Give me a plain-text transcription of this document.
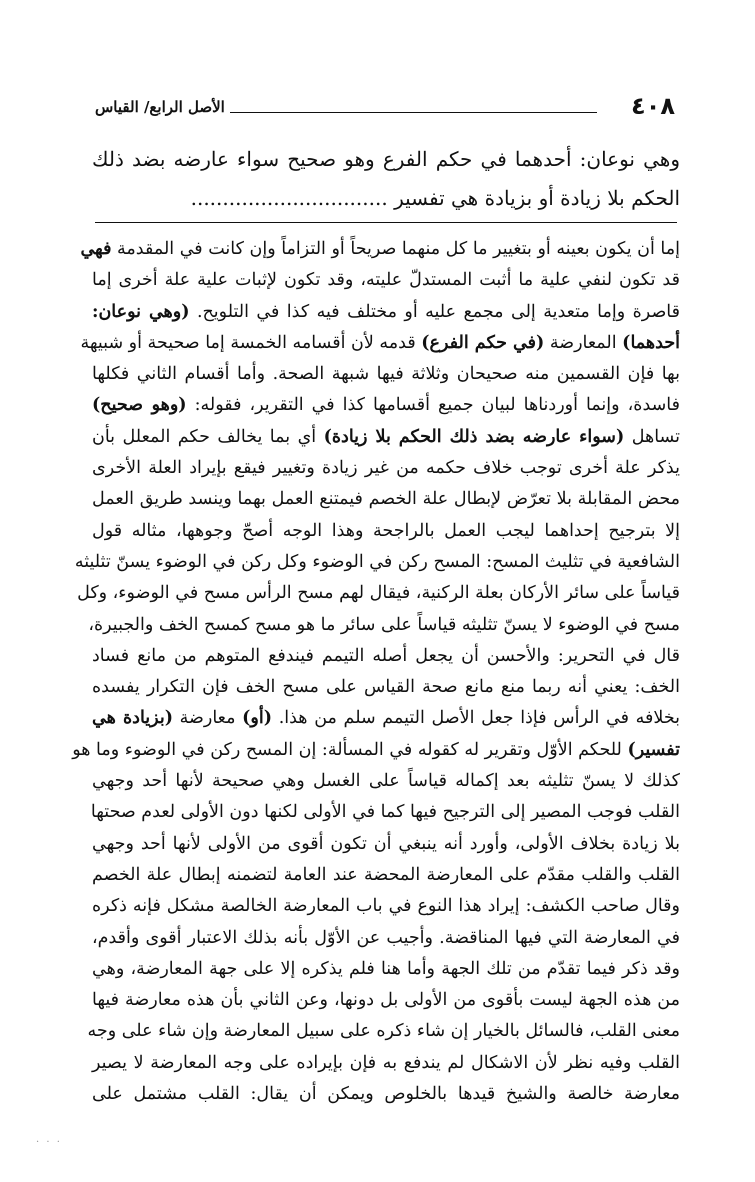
٤٠٨
الأصل الرابع/ القياس
وهي نوعان: أحدهما في حكم الفرع وهو صحيح سواء عارضه بضد ذلك
الحكم بلا زيادة أو بزيادة هي تفسير ...............................
إما أن يكون بعينه أو بتغيير ما كل منهما صريحاً أو التزاماً وإن كانت في المقدمة فهي
قد تكون لنفي علية ما أثبت المستدلّ عليته، وقد تكون لإثبات علية علة أخرى إما
قاصرة وإما متعدية إلى مجمع عليه أو مختلف فيه كذا في التلويح. (وهي نوعان:
أحدهما) المعارضة (في حكم الفرع) قدمه لأن أقسامه الخمسة إما صحيحة أو شبيهة
بها فإن القسمين منه صحيحان وثلاثة فيها شبهة الصحة. وأما أقسام الثاني فكلها
فاسدة، وإنما أوردناها لبيان جميع أقسامها كذا في التقرير، فقوله: (وهو صحيح)
تساهل (سواء عارضه بضد ذلك الحكم بلا زيادة) أي بما يخالف حكم المعلل بأن
يذكر علة أخرى توجب خلاف حكمه من غير زيادة وتغيير فيقع بإيراد العلة الأخرى
محض المقابلة بلا تعرّض لإبطال علة الخصم فيمتنع العمل بهما وينسد طريق العمل
إلا بترجيح إحداهما ليجب العمل بالراجحة وهذا الوجه أصحّ وجوهها، مثاله قول
الشافعية في تثليث المسح: المسح ركن في الوضوء وكل ركن في الوضوء يسنّ تثليثه
قياساً على سائر الأركان بعلة الركنية، فيقال لهم مسح الرأس مسح في الوضوء، وكل
مسح في الوضوء لا يسنّ تثليثه قياساً على سائر ما هو مسح كمسح الخف والجبيرة،
قال في التحرير: والأحسن أن يجعل أصله التيمم فيندفع المتوهم من مانع فساد
الخف: يعني أنه ربما منع مانع صحة القياس على مسح الخف فإن التكرار يفسده
بخلافه في الرأس فإذا جعل الأصل التيمم سلم من هذا. (أو) معارضة (بزيادة هي
تفسير) للحكم الأوّل وتقرير له كقوله في المسألة: إن المسح ركن في الوضوء وما هو
كذلك لا يسنّ تثليثه بعد إكماله قياساً على الغسل وهي صحيحة لأنها أحد وجهي
القلب فوجب المصير إلى الترجيح فيها كما في الأولى لكنها دون الأولى لعدم صحتها
بلا زيادة بخلاف الأولى، وأورد أنه ينبغي أن تكون أقوى من الأولى لأنها أحد وجهي
القلب والقلب مقدّم على المعارضة المحضة عند العامة لتضمنه إبطال علة الخصم
وقال صاحب الكشف: إيراد هذا النوع في باب المعارضة الخالصة مشكل فإنه ذكره
في المعارضة التي فيها المناقضة. وأجيب عن الأوّل بأنه بذلك الاعتبار أقوى وأقدم،
وقد ذكر فيما تقدّم من تلك الجهة وأما هنا فلم يذكره إلا على جهة المعارضة، وهي
من هذه الجهة ليست بأقوى من الأولى بل دونها، وعن الثاني بأن هذه معارضة فيها
معنى القلب، فالسائل بالخيار إن شاء ذكره على سبيل المعارضة وإن شاء على وجه
القلب وفيه نظر لأن الاشكال لم يندفع به فإن بإيراده على وجه المعارضة لا يصير
معارضة خالصة والشيخ قيدها بالخلوص ويمكن أن يقال: القلب مشتمل على
· · ·
